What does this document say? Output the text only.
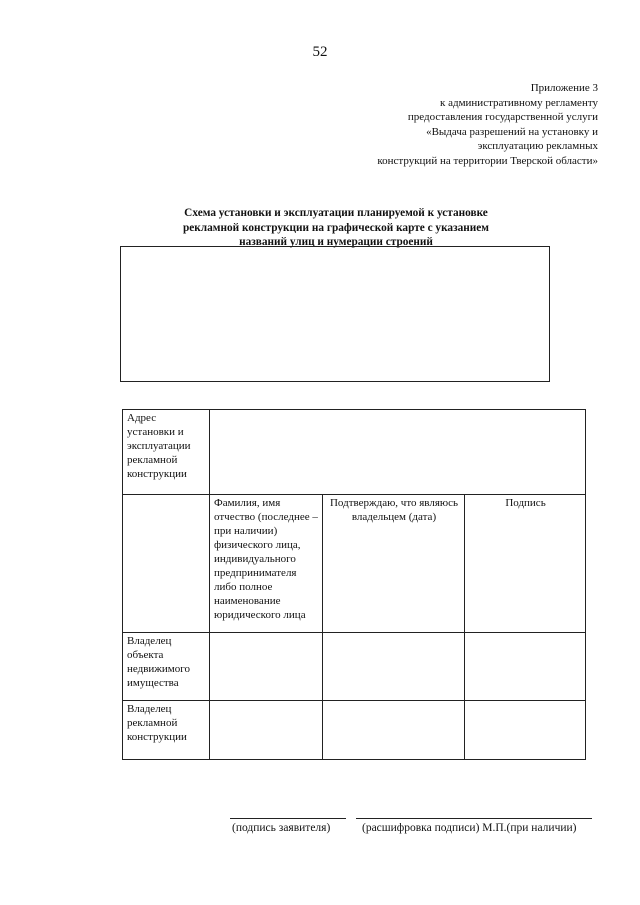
52
Приложение 3
к административному регламенту
предоставления государственной услуги
«Выдача разрешений на установку и
эксплуатацию рекламных
конструкций на территории Тверской области»
Схема установки и эксплуатации планируемой к установке
рекламной конструкции на графической карте с указанием
названий улиц и нумерации строений
Адрес установки и эксплуатации рекламной конструкции			
	Фамилия, имя отчество (последнее – при наличии) физического лица, индивидуального предпринимателя либо полное наименование юридического лица	Подтверждаю, что являюсь владельцем (дата)	Подпись
Владелец объекта недвижимого имущества			
Владелец рекламной конструкции			
(подпись заявителя)	(расшифровка подписи) М.П.(при наличии)
